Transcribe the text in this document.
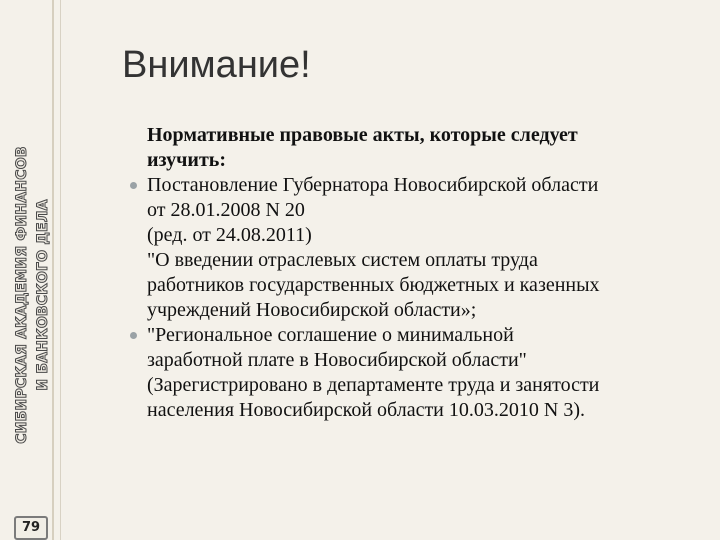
СИБИРСКАЯ АКАДЕМИЯ ФИНАНСОВ И БАНКОВСКОГО ДЕЛА
79
Внимание!
Нормативные правовые акты, которые следует
изучить:
Постановление Губернатора Новосибирской области
от 28.01.2008 N 20
(ред. от 24.08.2011)
"О введении отраслевых систем оплаты труда
работников государственных бюджетных и казенных
учреждений Новосибирской области»;
"Региональное соглашение о минимальной
заработной плате в Новосибирской области"
(Зарегистрировано в департаменте труда и занятости
населения Новосибирской области 10.03.2010 N 3).
